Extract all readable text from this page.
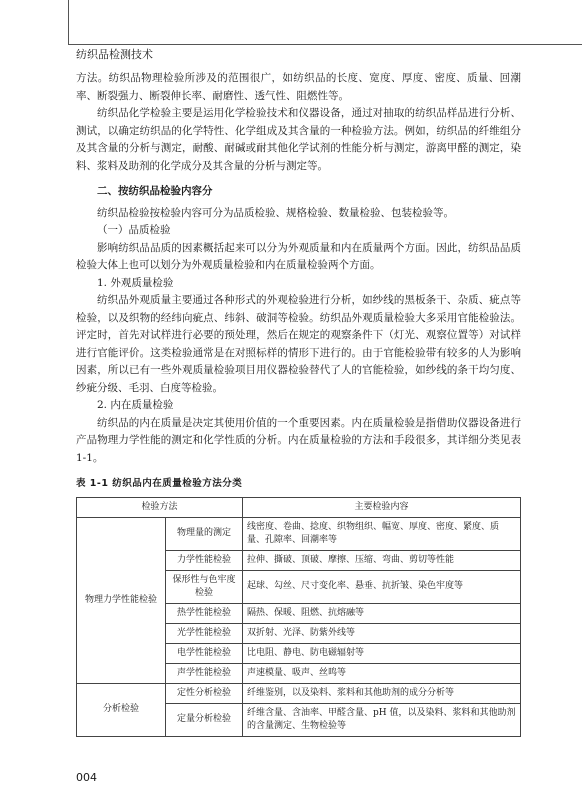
纺织品检测技术

方法。纺织品物理检验所涉及的范围很广，如纺织品的长度、宽度、厚度、密度、质量、回潮率、断裂强力、断裂伸长率、耐磨性、透气性、阻燃性等。

纺织品化学检验主要是运用化学检验技术和仪器设备，通过对抽取的纺织品样品进行分析、测试，以确定纺织品的化学特性、化学组成及其含量的一种检验方法。例如，纺织品的纤维组分及其含量的分析与测定，耐酸、耐碱或耐其他化学试剂的性能分析与测定，游离甲醛的测定，染料、浆料及助剂的化学成分及其含量的分析与测定等。

二、按纺织品检验内容分

纺织品检验按检验内容可分为品质检验、规格检验、数量检验、包装检验等。

（一）品质检验

影响纺织品品质的因素概括起来可以分为外观质量和内在质量两个方面。因此，纺织品品质检验大体上也可以划分为外观质量检验和内在质量检验两个方面。

1. 外观质量检验

纺织品外观质量主要通过各种形式的外观检验进行分析，如纱线的黑板条干、杂质、疵点等检验，以及织物的经纬向疵点、纬斜、破洞等检验。纺织品外观质量检验大多采用官能检验法。评定时，首先对试样进行必要的预处理，然后在规定的观察条件下（灯光、观察位置等）对试样进行官能评价。这类检验通常是在对照标样的情形下进行的。由于官能检验带有较多的人为影响因素，所以已有一些外观质量检验项目用仪器检验替代了人的官能检验，如纱线的条干均匀度、纱疵分级、毛羽、白度等检验。

2. 内在质量检验

纺织品的内在质量是决定其使用价值的一个重要因素。内在质量检验是指借助仪器设备进行产品物理力学性能的测定和化学性质的分析。内在质量检验的方法和手段很多，其详细分类见表 1-1。

表 1-1 纺织品内在质量检验方法分类

检验方法		主要检验内容
物理力学性能检验	物理量的测定	线密度、卷曲、捻度、织物组织、幅宽、厚度、密度、紧度、质量、孔隙率、回潮率等
	力学性能检验	拉伸、撕破、顶破、摩擦、压缩、弯曲、剪切等性能
	保形性与色牢度检验	起球、勾丝、尺寸变化率、悬垂、抗折皱、染色牢度等
	热学性能检验	隔热、保暖、阻燃、抗熔融等
	光学性能检验	双折射、光泽、防紫外线等
	电学性能检验	比电阻、静电、防电磁辐射等
	声学性能检验	声速模量、吸声、丝鸣等
分析检验	定性分析检验	纤维鉴别，以及染料、浆料和其他助剂的成分分析等
	定量分析检验	纤维含量、含油率、甲醛含量、pH 值，以及染料、浆料和其他助剂的含量测定、生物检验等
004
